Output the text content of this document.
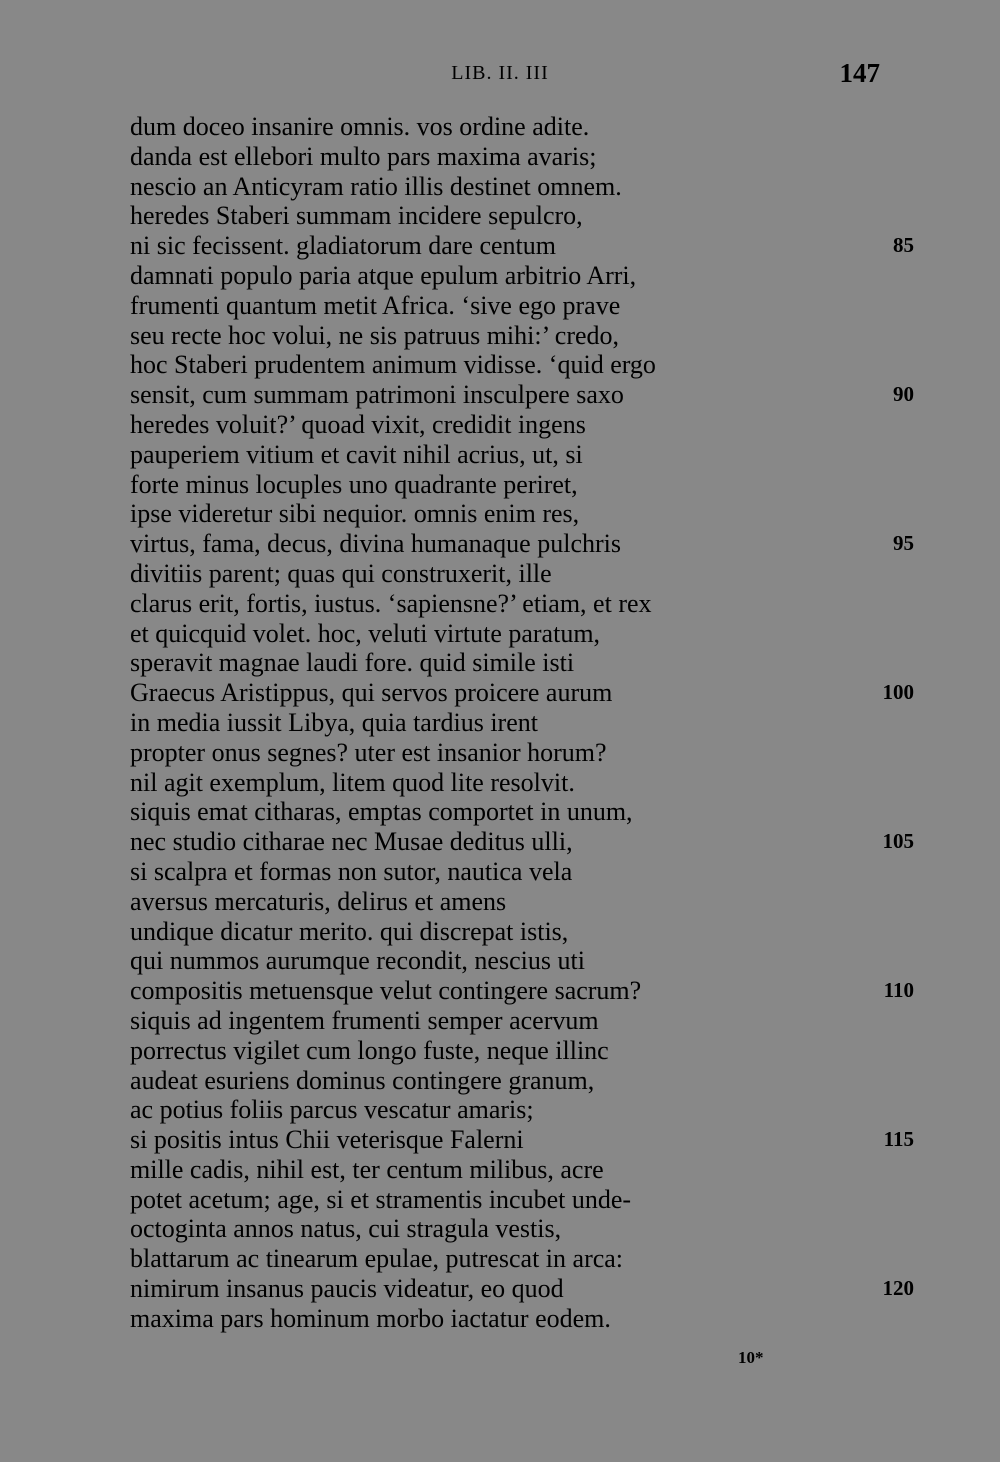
LIB. II. III	147
dum doceo insanire omnis. vos ordine adite.
danda est ellebori multo pars maxima avaris;
nescio an Anticyram ratio illis destinet omnem.
heredes Staberi summam incidere sepulcro,
ni sic fecissent. gladiatorum dare centum	85
damnati populo paria atque epulum arbitrio Arri,
frumenti quantum metit Africa. ‘sive ego prave
seu recte hoc volui, ne sis patruus mihi:’ credo,
hoc Staberi prudentem animum vidisse. ‘quid ergo
sensit, cum summam patrimoni insculpere saxo	90
heredes voluit?’ quoad vixit, credidit ingens
pauperiem vitium et cavit nihil acrius, ut, si
forte minus locuples uno quadrante periret,
ipse videretur sibi nequior. omnis enim res,
virtus, fama, decus, divina humanaque pulchris	95
divitiis parent; quas qui construxerit, ille
clarus erit, fortis, iustus. ‘sapiensne?’ etiam, et rex
et quicquid volet. hoc, veluti virtute paratum,
speravit magnae laudi fore. quid simile isti
Graecus Aristippus, qui servos proicere aurum	100
in media iussit Libya, quia tardius irent
propter onus segnes? uter est insanior horum?
nil agit exemplum, litem quod lite resolvit.
siquis emat citharas, emptas comportet in unum,
nec studio citharae nec Musae deditus ulli,	105
si scalpra et formas non sutor, nautica vela
aversus mercaturis, delirus et amens
undique dicatur merito. qui discrepat istis,
qui nummos aurumque recondit, nescius uti
compositis metuensque velut contingere sacrum?	110
siquis ad ingentem frumenti semper acervum
porrectus vigilet cum longo fuste, neque illinc
audeat esuriens dominus contingere granum,
ac potius foliis parcus vescatur amaris;
si positis intus Chii veterisque Falerni	115
mille cadis, nihil est, ter centum milibus, acre
potet acetum; age, si et stramentis incubet unde-
octoginta annos natus, cui stragula vestis,
blattarum ac tinearum epulae, putrescat in arca:
nimirum insanus paucis videatur, eo quod	120
maxima pars hominum morbo iactatur eodem.
10*
